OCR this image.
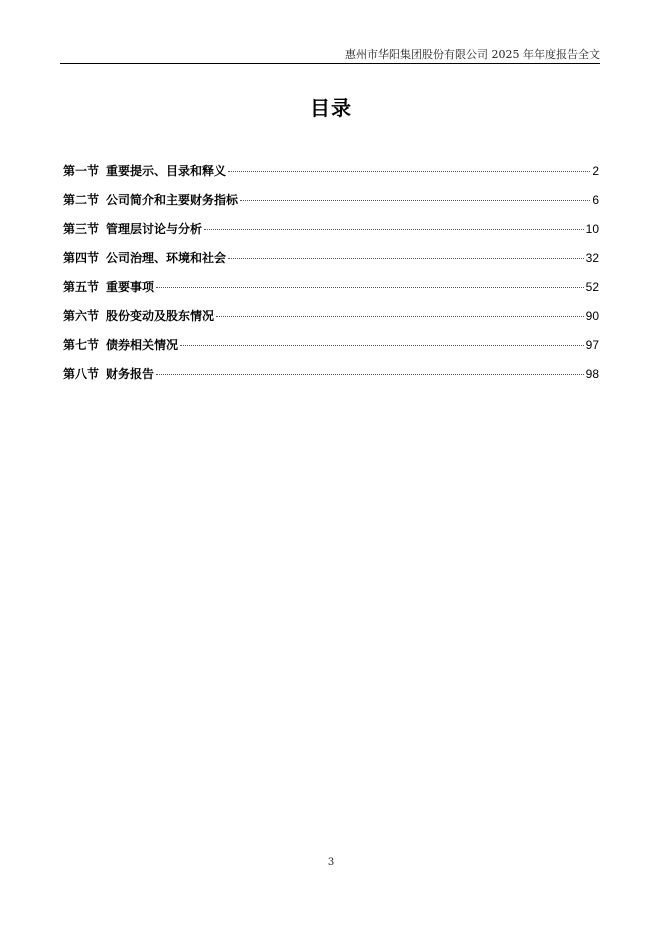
惠州市华阳集团股份有限公司 2025 年年度报告全文
目录
第一节 重要提示、目录和释义	2
第二节 公司简介和主要财务指标	6
第三节 管理层讨论与分析	10
第四节 公司治理、环境和社会	32
第五节 重要事项	52
第六节 股份变动及股东情况	90
第七节 债券相关情况	97
第八节 财务报告	98
3
